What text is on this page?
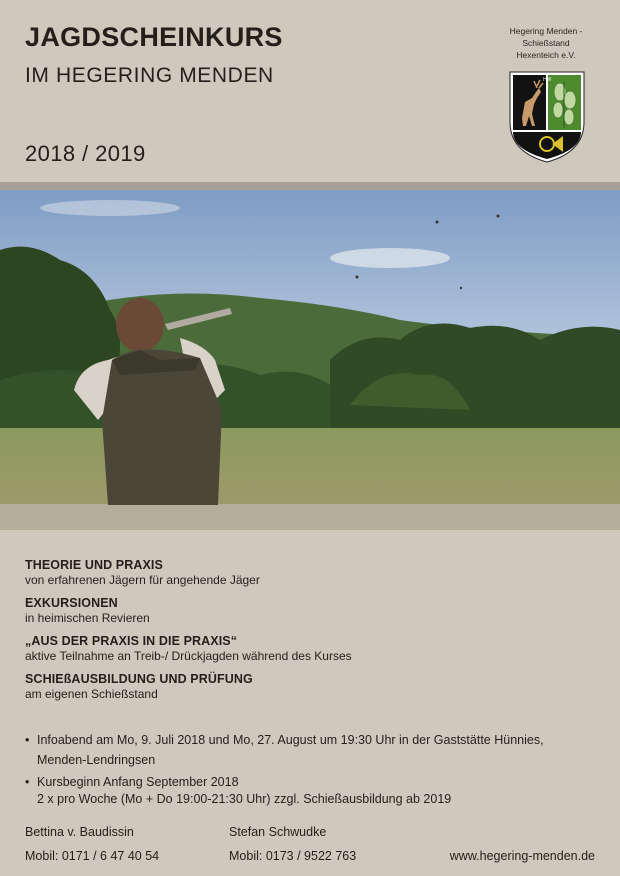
JAGDSCHEINKURS
IM HEGERING MENDEN
2018 / 2019
Hegering Menden -
Schießstand
Hexenteich e.V.
HM

THEORIE UND PRAXIS

von erfahrenen Jägern für angehende Jäger

EXKURSIONEN

in heimischen Revieren

„AUS DER PRAXIS IN DIE PRAXIS“

aktive Teilnahme an Treib-/ Drückjagden während des Kurses

SCHIEßAUSBILDUNG UND PRÜFUNG

am eigenen Schießstand

• Infoabend am Mo, 9. Juli 2018 und Mo, 27. August um 19:30 Uhr in der Gaststätte Hünnies,
Menden-Lendringsen
• Kursbeginn Anfang September 2018
2 x pro Woche (Mo + Do 19:00-21:30 Uhr) zzgl. Schießausbildung ab 2019
Bettina v. Baudissin
Mobil: 0171 / 6 47 40 54
Stefan Schwudke
Mobil: 0173 / 9522 763	www.hegering-menden.de
